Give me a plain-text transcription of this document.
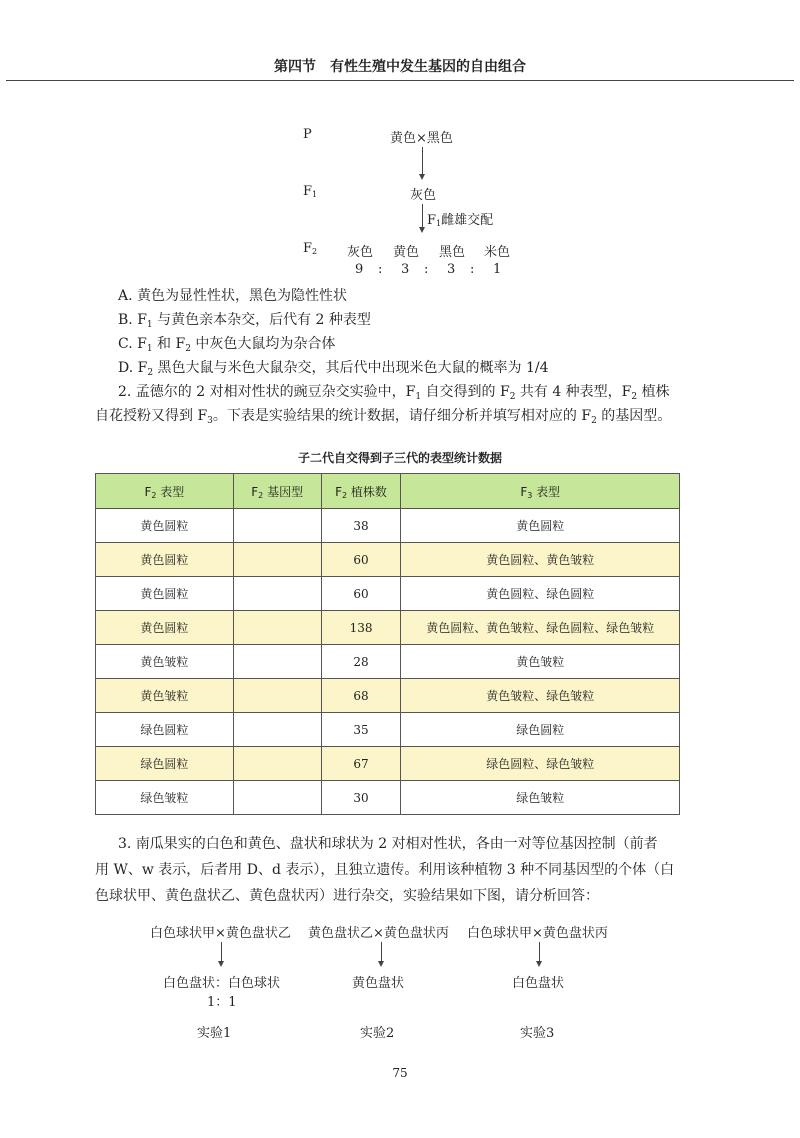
第四节　有性生殖中发生基因的自由组合
P	黄色×黑色
$F_1$	灰色
$F_1$雌雄交配
$F_2$ 灰色 黄色 黑色 米色
9 : 3 : 3 : 1
A. 黄色为显性性状，黑色为隐性性状
B. $F_1$ 与黄色亲本杂交，后代有 2 种表型
C. $F_1$ 和 $F_2$ 中灰色大鼠均为杂合体
D. $F_2$ 黑色大鼠与米色大鼠杂交，其后代中出现米色大鼠的概率为 1/4
2. 孟德尔的 2 对相对性状的豌豆杂交实验中，$F_1$ 自交得到的 $F_2$ 共有 4 种表型，$F_2$ 植株
自花授粉又得到 $F_3$。下表是实验结果的统计数据，请仔细分析并填写相对应的 $F_2$ 的基因型。
子二代自交得到子三代的表型统计数据
$F_2$ 表型	$F_2$ 基因型	$F_2$ 植株数	$F_3$ 表型
黄色圆粒		38	黄色圆粒
黄色圆粒		60	黄色圆粒、黄色皱粒
黄色圆粒		60	黄色圆粒、绿色圆粒
黄色圆粒		138	黄色圆粒、黄色皱粒、绿色圆粒、绿色皱粒
黄色皱粒		28	黄色皱粒
黄色皱粒		68	黄色皱粒、绿色皱粒
绿色圆粒		35	绿色圆粒
绿色圆粒		67	绿色圆粒、绿色皱粒
绿色皱粒		30	绿色皱粒
3. 南瓜果实的白色和黄色、盘状和球状为 2 对相对性状，各由一对等位基因控制（前者
用 W、w 表示，后者用 D、d 表示），且独立遗传。利用该种植物 3 种不同基因型的个体（白
色球状甲、黄色盘状乙、黄色盘状丙）进行杂交，实验结果如下图，请分析回答：
白色球状甲×黄色盘状乙 黄色盘状乙×黄色盘状丙 白色球状甲×黄色盘状丙
白色盘状：白色球状	黄色盘状	白色盘状
1：1
实验1	实验2	实验3
75
